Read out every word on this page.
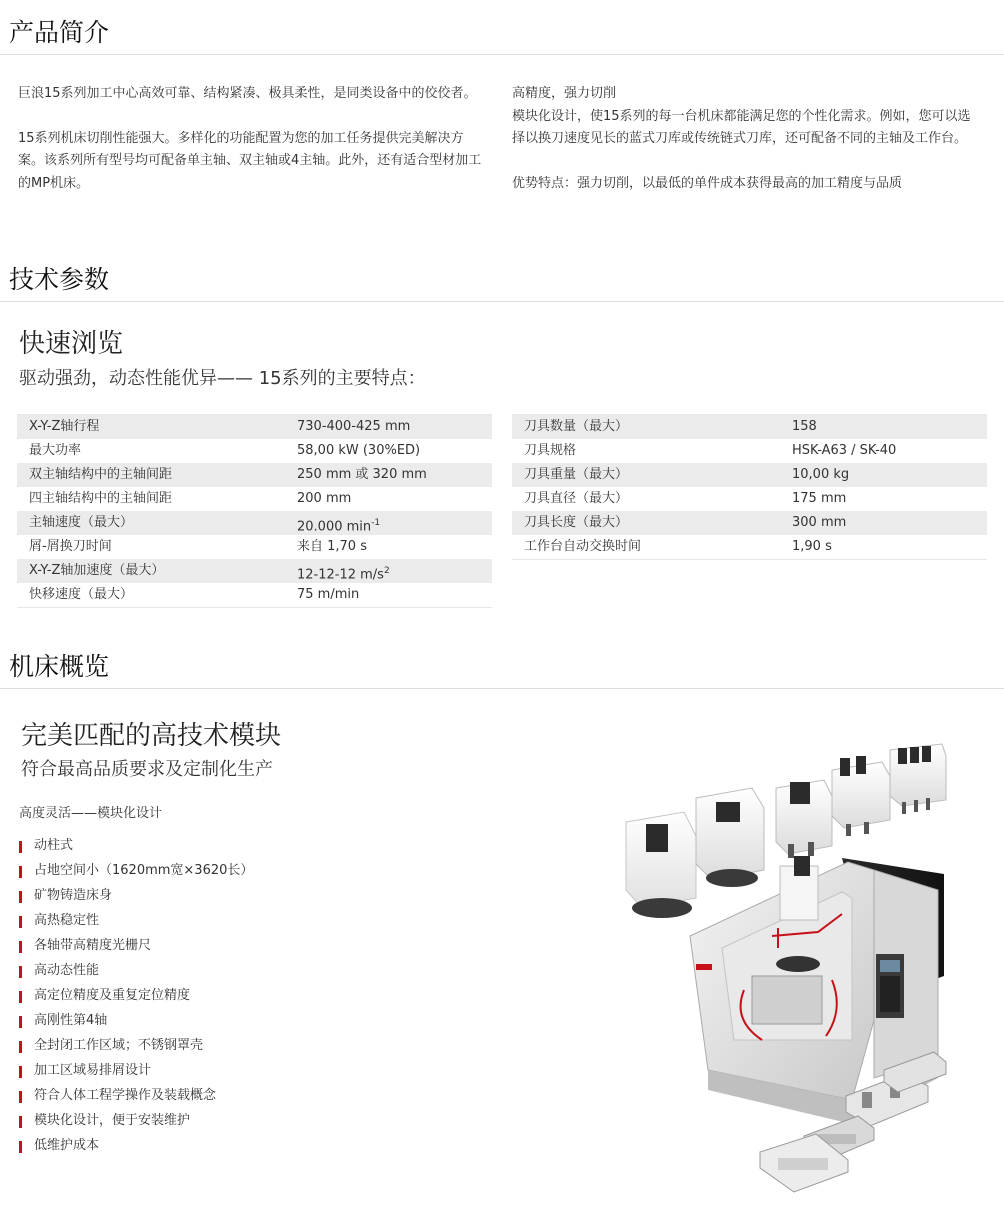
产品简介

巨浪15系列加工中心高效可靠、结构紧凑、极具柔性，是同类设备中的佼佼者。

15系列机床切削性能强大。多样化的功能配置为您的加工任务提供完美解决方案。该系列所有型号均可配备单主轴、双主轴或4主轴。此外，还有适合型材加工的MP机床。

高精度，强力切削

模块化设计，使15系列的每一台机床都能满足您的个性化需求。例如，您可以选择以换刀速度见长的蓝式刀库或传统链式刀库，还可配备不同的主轴及工作台。

优势特点：强力切削，以最低的单件成本获得最高的加工精度与品质

技术参数
快速浏览
驱动强劲，动态性能优异—— 15系列的主要特点：
X-Y-Z轴行程	730-400-425 mm
最大功率	58,00 kW (30%ED)
双主轴结构中的主轴间距	250 mm 或 320 mm
四主轴结构中的主轴间距	200 mm
主轴速度（最大）	20.000 $\min^{-1}$
屑-屑换刀时间	来自 1,70 s
X-Y-Z轴加速度（最大）	12-12-12 $m/s^2$
快移速度（最大）	75 m/min
刀具数量（最大）	158
刀具规格	HSK-A63 / SK-40
刀具重量（最大）	10,00 kg
刀具直径（最大）	175 mm
刀具长度（最大）	300 mm
工作台自动交换时间	1,90 s
机床概览
完美匹配的高技术模块
符合最高品质要求及定制化生产
高度灵活——模块化设计
动柱式
占地空间小（1620mm宽×3620长）
矿物铸造床身
高热稳定性
各轴带高精度光栅尺
高动态性能
高定位精度及重复定位精度
高刚性第4轴
全封闭工作区域；不锈钢罩壳
加工区域易排屑设计
符合人体工程学操作及装载概念
模块化设计，便于安装维护
低维护成本
